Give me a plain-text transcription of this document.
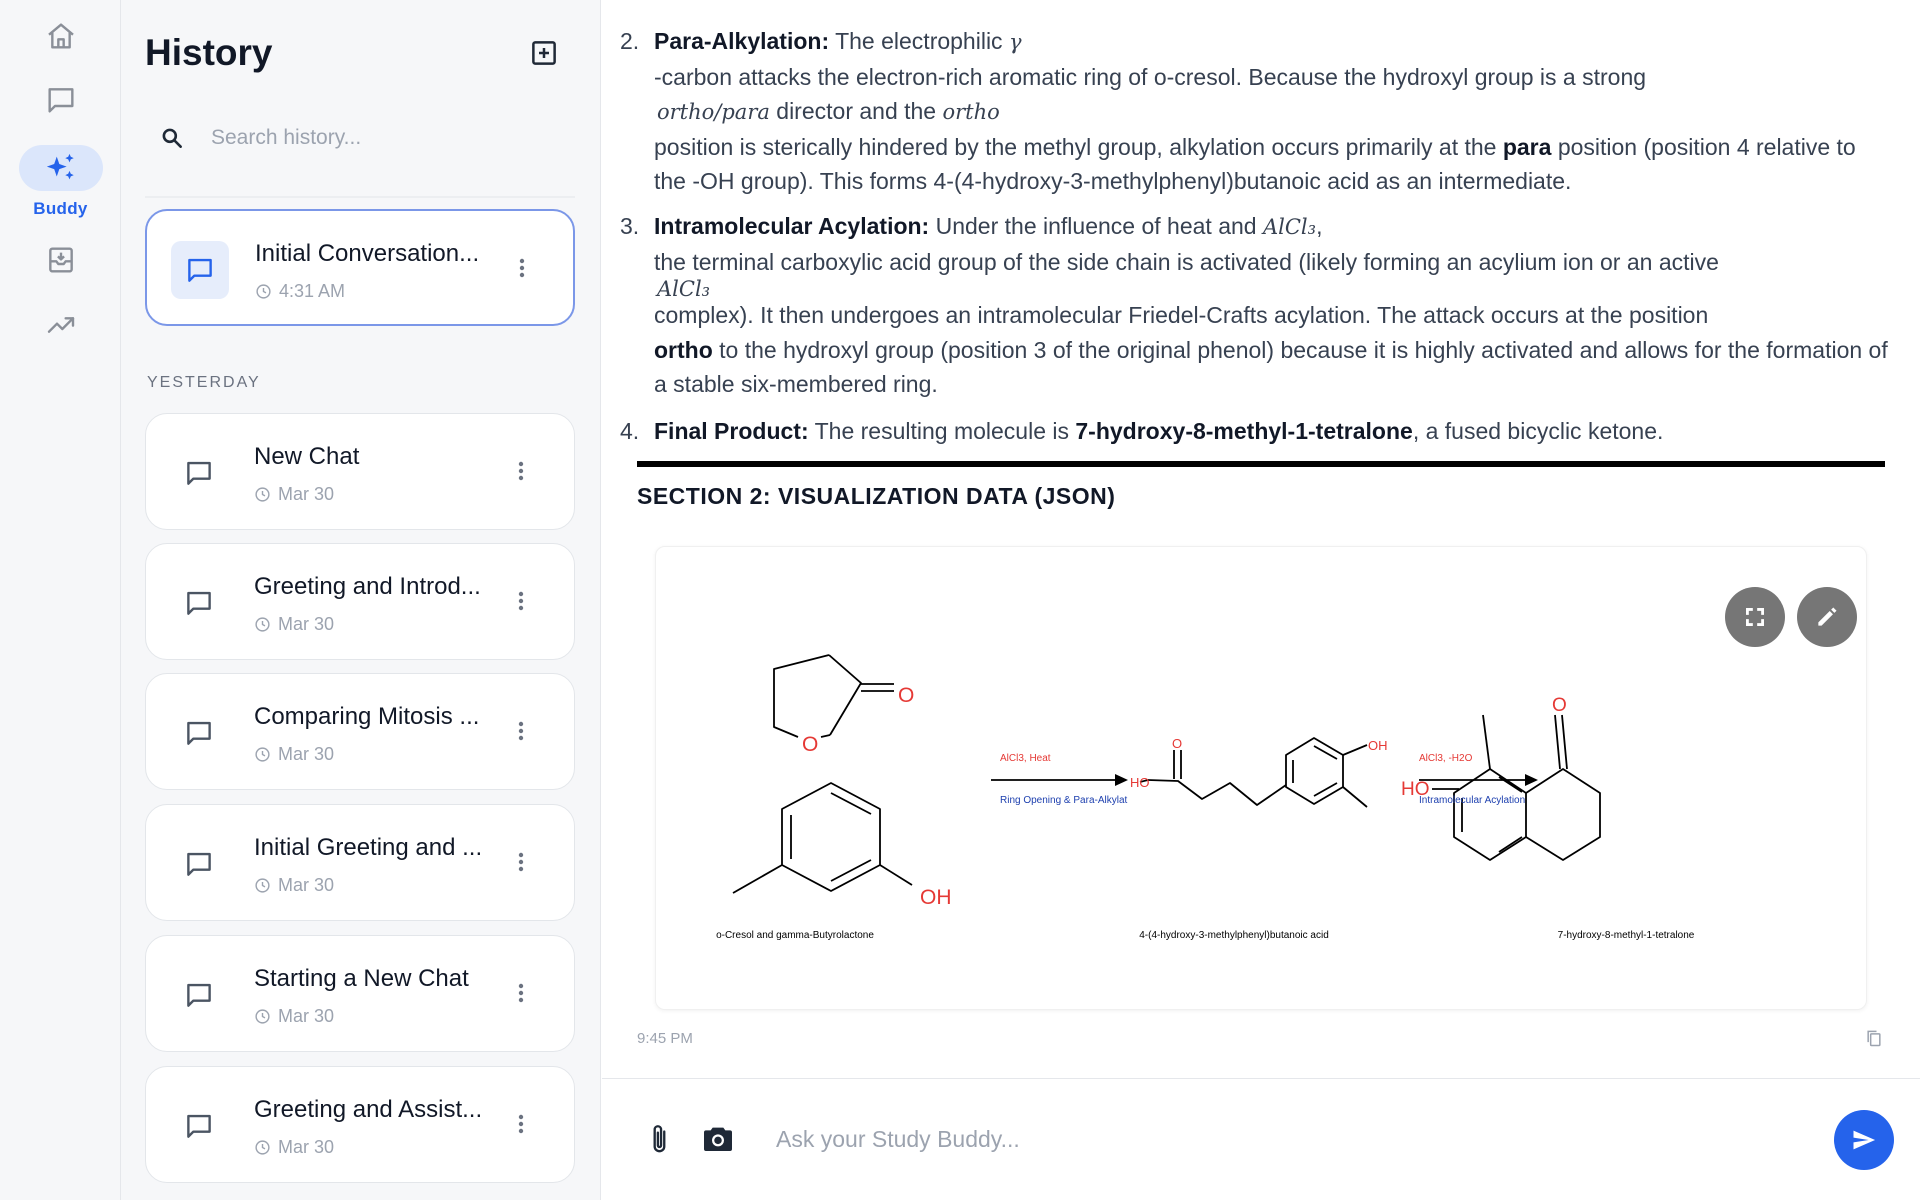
Buddy
History
Search history...
Initial Conversation...
4:31 AM
YESTERDAY
New Chat
Mar 30
Greeting and Introd...
Mar 30
Comparing Mitosis ...
Mar 30
Initial Greeting and ...
Mar 30
Starting a New Chat
Mar 30
Greeting and Assist...
Mar 30
2. Para-Alkylation: The electrophilic γ
-carbon attacks the electron-rich aromatic ring of o-cresol. Because the hydroxyl group is a strong
ortho/para director and the ortho
position is sterically hindered by the methyl group, alkylation occurs primarily at the para position (position 4 relative to the -OH group). This forms 4-(4-hydroxy-3-methylphenyl)butanoic acid as an intermediate.
3. Intramolecular Acylation: Under the influence of heat and AlCl₃,
the terminal carboxylic acid group of the side chain is activated (likely forming an acylium ion or an active
AlCl₃
complex). It then undergoes an intramolecular Friedel-Crafts acylation. The attack occurs at the position
ortho to the hydroxyl group (position 3 of the original phenol) because it is highly activated and allows for the formation of a stable six-membered ring.
4. Final Product: The resulting molecule is 7-hydroxy-8-methyl-1-tetralone, a fused bicyclic ketone.
SECTION 2: VISUALIZATION DATA (JSON)
O
O
OH
HO
O	OH
O
HO
AlCl3, Heat
Ring Opening & Para-Alkylat
AlCl3, -H2O
Intramolecular Acylation
o-Cresol and gamma-Butyrolactone	4-(4-hydroxy-3-methylphenyl)butanoic acid	7-hydroxy-8-methyl-1-tetralone
9:45 PM
Ask your Study Buddy...
